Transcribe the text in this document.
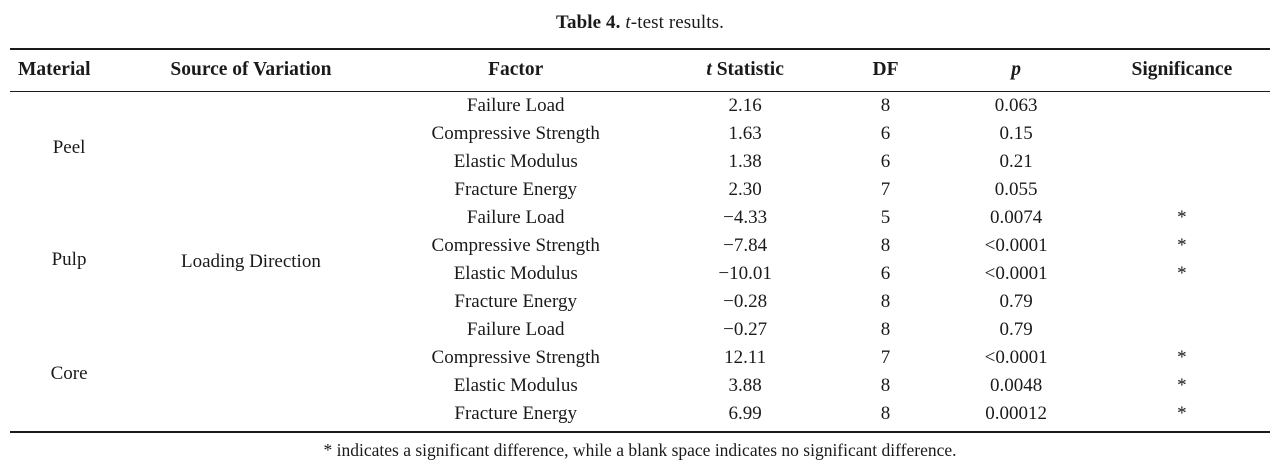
Table 4. t-test results.
Material	Source of Variation	Factor	t Statistic	DF	p	Significance
Peel	Loading Direction	Failure Load	2.16	8	0.063	
		Compressive Strength	1.63	6	0.15	
		Elastic Modulus	1.38	6	0.21	
		Fracture Energy	2.30	7	0.055	
Pulp		Failure Load	−4.33	5	0.0074	*
		Compressive Strength	−7.84	8	<0.0001	*
		Elastic Modulus	−10.01	6	<0.0001	*
		Fracture Energy	−0.28	8	0.79	
Core		Failure Load	−0.27	8	0.79	
		Compressive Strength	12.11	7	<0.0001	*
		Elastic Modulus	3.88	8	0.0048	*
		Fracture Energy	6.99	8	0.00012	*
* indicates a significant difference, while a blank space indicates no significant difference.
